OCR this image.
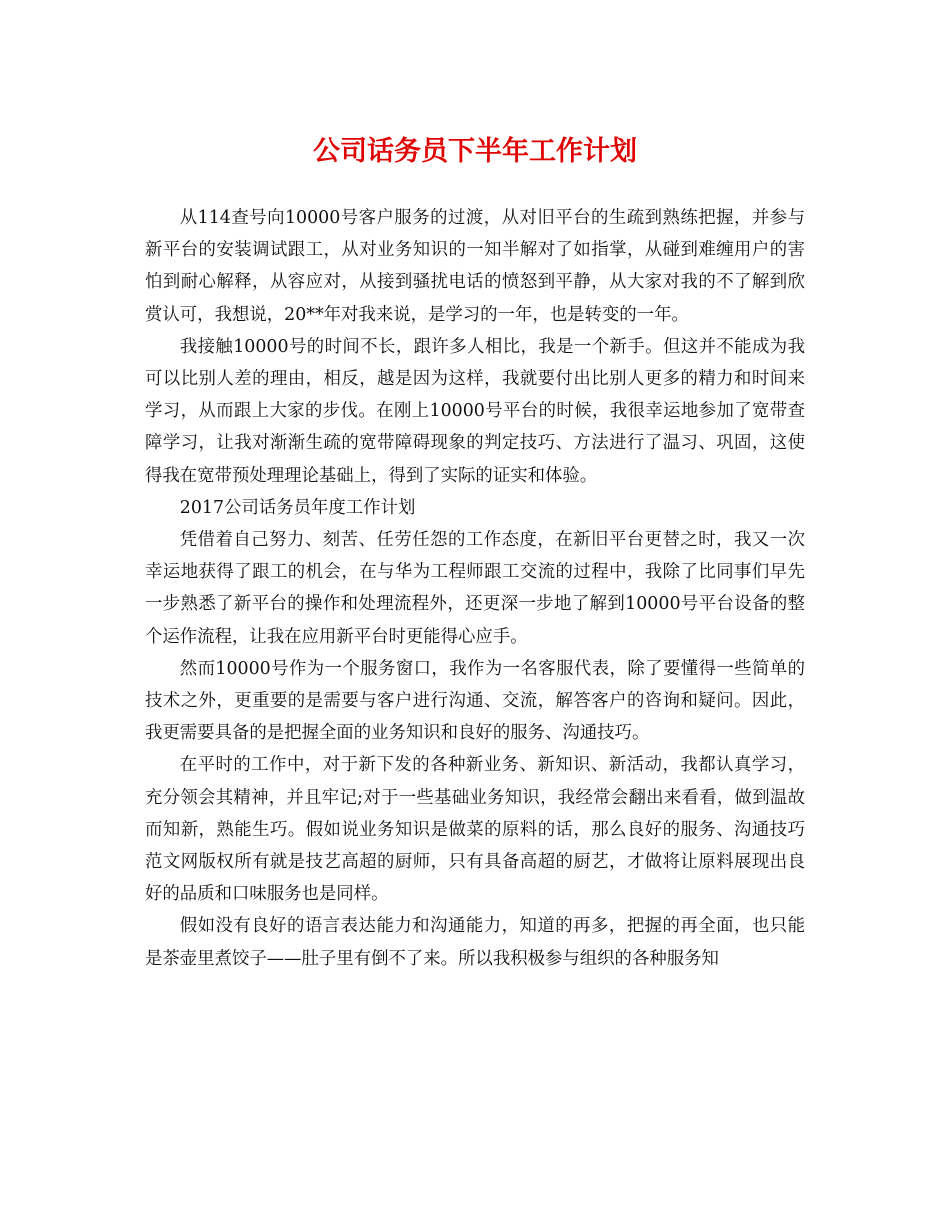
公司话务员下半年工作计划

从114查号向10000号客户服务的过渡，从对旧平台的生疏到熟练把握，并参与新平台的安装调试跟工，从对业务知识的一知半解对了如指掌，从碰到难缠用户的害怕到耐心解释，从容应对，从接到骚扰电话的愤怒到平静，从大家对我的不了解到欣赏认可，我想说，20**年对我来说，是学习的一年，也是转变的一年。

我接触10000号的时间不长，跟许多人相比，我是一个新手。但这并不能成为我可以比别人差的理由，相反，越是因为这样，我就要付出比别人更多的精力和时间来学习，从而跟上大家的步伐。在刚上10000号平台的时候，我很幸运地参加了宽带查障学习，让我对渐渐生疏的宽带障碍现象的判定技巧、方法进行了温习、巩固，这使得我在宽带预处理理论基础上，得到了实际的证实和体验。

2017公司话务员年度工作计划

凭借着自己努力、刻苦、任劳任怨的工作态度，在新旧平台更替之时，我又一次幸运地获得了跟工的机会，在与华为工程师跟工交流的过程中，我除了比同事们早先一步熟悉了新平台的操作和处理流程外，还更深一步地了解到10000号平台设备的整个运作流程，让我在应用新平台时更能得心应手。

然而10000号作为一个服务窗口，我作为一名客服代表，除了要懂得一些简单的技术之外，更重要的是需要与客户进行沟通、交流，解答客户的咨询和疑问。因此，我更需要具备的是把握全面的业务知识和良好的服务、沟通技巧。

在平时的工作中，对于新下发的各种新业务、新知识、新活动，我都认真学习，充分领会其精神，并且牢记;对于一些基础业务知识，我经常会翻出来看看，做到温故而知新，熟能生巧。假如说业务知识是做菜的原料的话，那么良好的服务、沟通技巧范文网版权所有就是技艺高超的厨师，只有具备高超的厨艺，才做将让原料展现出良好的品质和口味服务也是同样。

假如没有良好的语言表达能力和沟通能力，知道的再多，把握的再全面，也只能是茶壶里煮饺子——肚子里有倒不了来。所以我积极参与组织的各种服务知
